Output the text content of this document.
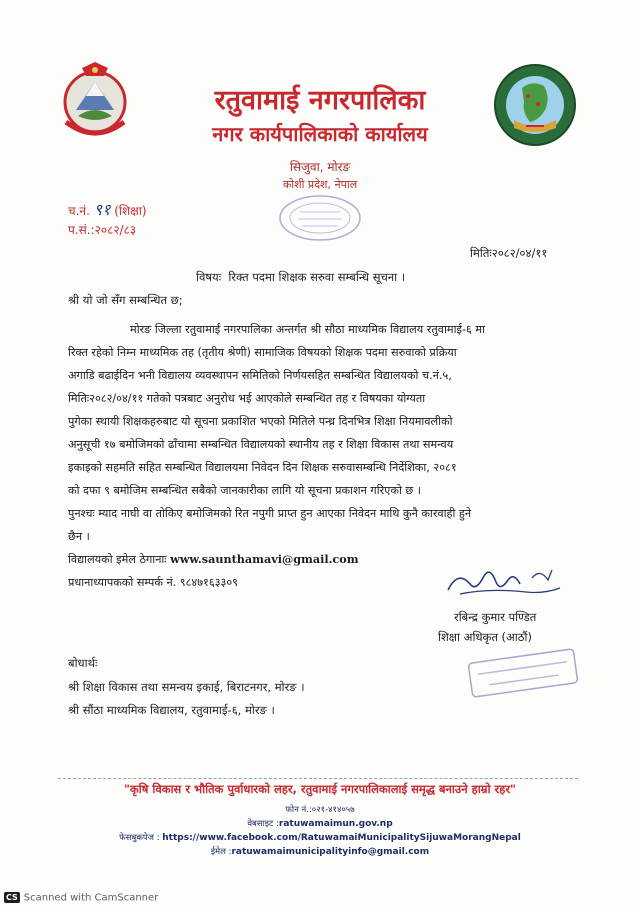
रतुवामाई नगरपालिका
नगर कार्यपालिकाको कार्यालय
सिजुवा, मोरङ
कोशी प्रदेश, नेपाल
च.नं. ९१ (शिक्षा)
प.सं.:२०८२/८३
मितिः२०८२/०४/११
विषयः रिक्त पदमा शिक्षक सरुवा सम्बन्धि सूचना ।
श्री यो जो सँग सम्बन्धित छ;
मोरङ जिल्ला रतुवामाई नगरपालिका अन्तर्गत श्री सौठा माध्यमिक विद्यालय रतुवामाई-६ मा
रिक्त रहेको निम्न माध्यमिक तह (तृतीय श्रेणी) सामाजिक विषयको शिक्षक पदमा सरुवाको प्रक्रिया
अगाडि बढाईदिन भनी विद्यालय व्यवस्थापन समितिको निर्णयसहित सम्बन्धित विद्यालयको च.नं.५,
मितिः२०८२/०४/११ गतेको पत्रबाट अनुरोध भई आएकोले सम्बन्धित तह र विषयका योग्यता
पुगेका स्थायी शिक्षकहरुबाट यो सूचना प्रकाशित भएको मितिले पन्ध्र दिनभित्र शिक्षा नियमावलीको
अनुसूची १७ बमोजिमको ढाँचामा सम्बन्धित विद्यालयको स्थानीय तह र शिक्षा विकास तथा समन्वय
इकाइको सहमति सहित सम्बन्धित विद्यालयमा निवेदन दिन शिक्षक सरुवासम्बन्धि निर्देशिका, २०८१
को दफा ९ बमोजिम सम्बन्धित सबैको जानकारीका लागि यो सूचना प्रकाशन गरिएको छ ।
पुनश्चः म्याद नाघी वा तोकिए बमोजिमको रित नपुगी प्राप्त हुन आएका निवेदन माथि कुनै कारवाही हुने
छैन ।
विद्यालयको इमेल ठेगानाः www.saunthamavi@gmail.com
प्रधानाध्यापकको सम्पर्क नं. ९८४७१६३३०९
रबिन्द्र कुमार पण्डित
शिक्षा अधिकृत (आठौं)
बोधार्थः
श्री शिक्षा विकास तथा समन्वय इकाई, बिराटनगर, मोरङ ।
श्री सौंठा माध्यमिक विद्यालय, रतुवामाई-६, मोरङ ।
"कृषि विकास र भौतिक पुर्वाधारको लहर, रतुवामाई नगरपालिकालाई समृद्ध बनाउने हाम्रो रहर"
फोन नं.:०२१-४१४०५७
वेबसाइट :ratuwamaimun.gov.np
फेसबुकपेज : https://www.facebook.com/RatuwamaiMunicipalitySijuwaMorangNepal
ईमेल :ratuwamaimunicipalityinfo@gmail.com
CS Scanned with CamScanner
